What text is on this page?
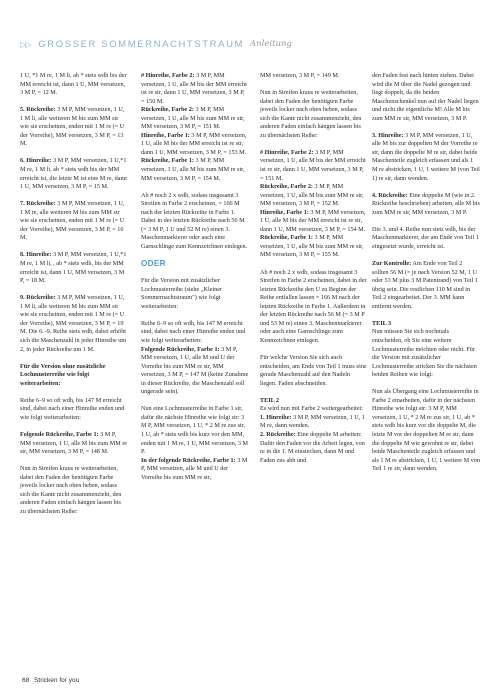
▷▷ GROSSER SOMMERNACHTSTRAUM Anleitung

1 U, *1 M re, 1 M li, ab * stets wdh bis der MM erreicht ist, dann 1 U, MM versetzen, 3 M P, = 12 M.

5. Rückreihe: 3 M P, MM versetzen, 1 U, 1 M li, alle weiteren M bis zum MM str wie sie erscheinen, enden mit 1 M re (= U der Vorreihe), MM versetzen, 3 M P, = 13 M.

6. Hinreihe: 3 M P, MM versetzen, 1 U,*1 M re, 1 M li, ab * stets wdh bis der MM erreicht ist, die letzte M ist eine M re, dann 1 U, MM versetzen, 3 M P, = 15 M.

7. Rückreihe: 3 M P, MM versetzen, 1 U, 1 M re, alle weiteren M bis zum MM str wie sie erscheinen, enden mit 1 M re (= U der Vorreihe), MM versetzen, 3 M P, = 16 M.

8. Hinreihe: 3 M P, MM versetzen, 1 U,*1 M re, 1 M li, , ab * stets wdh, bis der MM erreicht ist, dann 1 U, MM versetzen, 3 M P, = 18 M.

9. Rückreihe: 3 M P, MM versetzen, 1 U, 1 M li, alle weiteren M bis zum MM str wie sie erscheinen, enden mit 1 M re (= U der Vorreihe), MM versetzen, 3 M P, = 19 M. Die 6.–9. Reihe stets wdh, dabei erhöht sich die Maschenzahl in jeder Hinreihe um 2, in jeder Rückreihe um 1 M.

Für die Version ohne zusätzliche Lochmusterreihe wie folgt weiterarbeiten:

Reihe 6–9 so oft wdh, bis 147 M erreicht sind, dabei nach einer Hinreihe enden und wie folgt weiterarbeiten:

Folgende Rückreihe, Farbe 1: 3 M P, MM versetzen, 1 U, alle M bis zum MM re str, MM versetzen, 3 M P, = 148 M.

Nun in Streifen kraus re weiterarbeiten, dabei den Faden der benötigten Farbe jeweils locker nach oben heben, sodass sich die Kante nicht zusammenzieht, den anderen Faden einfach hängen lassen bis zu übernächsten Reihe:

# Hinreihe, Farbe 2: 3 M P, MM versetzen, 1 U, alle M bis der MM erreicht ist re str, dann 1 U, MM versetzen, 3 M P, = 150 M.

Rückreihe, Farbe 2: 3 M P, MM versetzen, 1 U, alle M bis zum MM re str, MM versetzen, 3 M P, = 151 M.

Hinreihe, Farbe 1: 3 M P, MM versetzen, 1 U, alle M bis der MM erreicht ist re str, dann 1 U, MM versetzen, 3 M P, = 153 M.

Rückreihe, Farbe 1: 3 M P, MM versetzen, 1 U, alle M bis zum MM re str, MM versetzen, 3 M P, = 154 M.

Ab # noch 2 x wdh, sodass insgesamt 3 Streifen in Farbe 2 erscheinen, = 166 M nach der letzten Rückreihe in Farbe 1. Dabei in der letzten Rückreihe nach 56 M (= 3 M P, 1 U und 52 M re) einen 3. Maschenmarkierer oder auch eine Garnschlinge zum Kennzeichnen einlegen.

ODER

Für die Version mit zusätzlicher Lochmusterreihe (siehe „Kleiner Sommernachtstraum") wie folgt weiterarbeiten:

Reihe 6–9 so oft wdh, bis 147 M erreicht sind, dabei nach einer Hinreihe enden und wie folgt weiterarbeiten:

Folgende Rückreihe, Farbe 1: 3 M P, MM versetzen, 1 U, alle M und U der Vorreihe bis zum MM re str, MM versetzen, 3 M P, = 147 M (keine Zunahme in dieser Rückreihe, die Maschenzahl soll ungerade sein).

Nun eine Lochmusterreihe in Farbe 1 str, dafür die nächste Hinreihe wie folgt str: 3 M P, MM versetzen, 1 U, * 2 M re zus str, 1 U, ab * stets wdh bis kurz vor den MM, enden mit 1 M re, 1 U, MM versetzen, 3 M P.

In der folgende Rückreihe, Farbe 1: 3 M P, MM versetzen, alle M und U der Vorreihe bis zum MM re str,

MM versetzen, 3 M P, = 149 M.

Nun in Streifen kraus re weiterarbeiten, dabei den Faden der benötigten Farbe jeweils locker nach oben heben, sodass sich die Kante nicht zusammenzieht, den anderen Faden einfach hängen lassen bis zu übernächsten Reihe:

# Hinreihe, Farbe 2: 3 M P, MM versetzen, 1 U, alle M bis der MM erreicht ist re str, dann 1 U, MM versetzen, 3 M P, = 151 M.

Rückreihe, Farbe 2: 3 M P, MM versetzen, 1 U, alle M bis zum MM re str, MM versetzen, 3 M P, = 152 M.

Hinreihe, Farbe 1: 3 M P, MM versetzen, 1 U, alle M bis der MM erreicht ist re str, dann 1 U, MM versetzen, 3 M P, = 154 M.

Rückreihe, Farbe 1: 3 M P, MM versetzen, 1 U, alle M bis zum MM re str, MM versetzen, 3 M P, = 155 M.

Ab # noch 2 x wdh, sodass insgesamt 3 Streifen in Farbe 2 erscheinen, dabei in der letzten Rückreihe den U zu Beginn der Reihe entfallen lassen = 166 M nach der letzten Rückreihe in Farbe 1. Außerdem in der letzten Rückreihe nach 56 M (= 3 M P und 53 M re) einen 3. Maschenmarkierer oder auch eine Garnschlinge zum Kennzeichnen einlegen.

Für welche Version Sie sich auch entscheiden, am Ende von Teil 1 muss eine gerade Maschenzahl auf den Nadeln liegen. Faden abschneiden.

TEIL 2

Es wird nun mit Farbe 2 weitergearbeitet:

1. Hinreihe: 3 M P, MM versetzen, 1 U, 1 M re, dann wenden.

2. Rückreihe: Eine doppelte M arbeiten: Dafür den Faden vor die Arbeit legen, von re in die 1. M einstechen, dann M und Faden zus abh und

den Faden fest nach hinten ziehen. Dabei wird die M über die Nadel gezogen und liegt doppelt, da die beiden Maschenschenkel nun auf der Nadel liegen und nicht die eigentliche M! Alle M bis zum MM re str, MM versetzen, 3 M P.

3. Hinreihe: 3 M P, MM versetzen, 1 U, alle M bis zur doppelten M der Vorreihe re str, dann die doppelte M re str, dabei beide Maschenteile zugleich erfassen und als 1 M re abstricken, 1 U, 1 weitere M (von Teil 1) re str, dann wenden.

4. Rückreihe: Eine doppelte M (wie in 2. Rückreihe beschrieben) arbeiten, alle M bis zum MM re str, MM versetzen, 3 M P.

Die 3. und 4. Reihe nun stets wdh, bis der Maschenmarkierer, der am Ende von Teil 1 eingesetzt wurde, erreicht ist.

Zur Kontrolle: Am Ende von Teil 2 sollten 56 M (= je nach Version 52 M, 1 U oder 53 M plus 3 M Patentrand) von Teil 1 übrig sein. Die restlichen 110 M sind in Teil 2 eingearbeitet. Der 3. MM kann entfernt werden.

TEIL 3

Nun müssen Sie sich nochmals entscheiden, ob Sie eine weitere Lochmusterreihe möchten oder nicht. Für die Version mit zusätzlicher Lochmusterreihe stricken Sie die nächsten beiden Reihen wie folgt:

Nun als Übergang eine Lochmusterreihe in Farbe 2 einarbeiten, dafür in der nächsten Hinreihe wie folgt str: 3 M P, MM versetzen, 1 U, * 2 M re zus str, 1 U, ab * stets wdh bis kurz vor die doppelte M, die letzte M vor der doppelten M re str, dann die doppelte M wie gewohnt re str, dabei beide Maschenteile zugleich erfassen und als 1 M re abstricken, 1 U, 1 weitere M von Teil 1 re str, dann wenden.

68 Stricken for you
